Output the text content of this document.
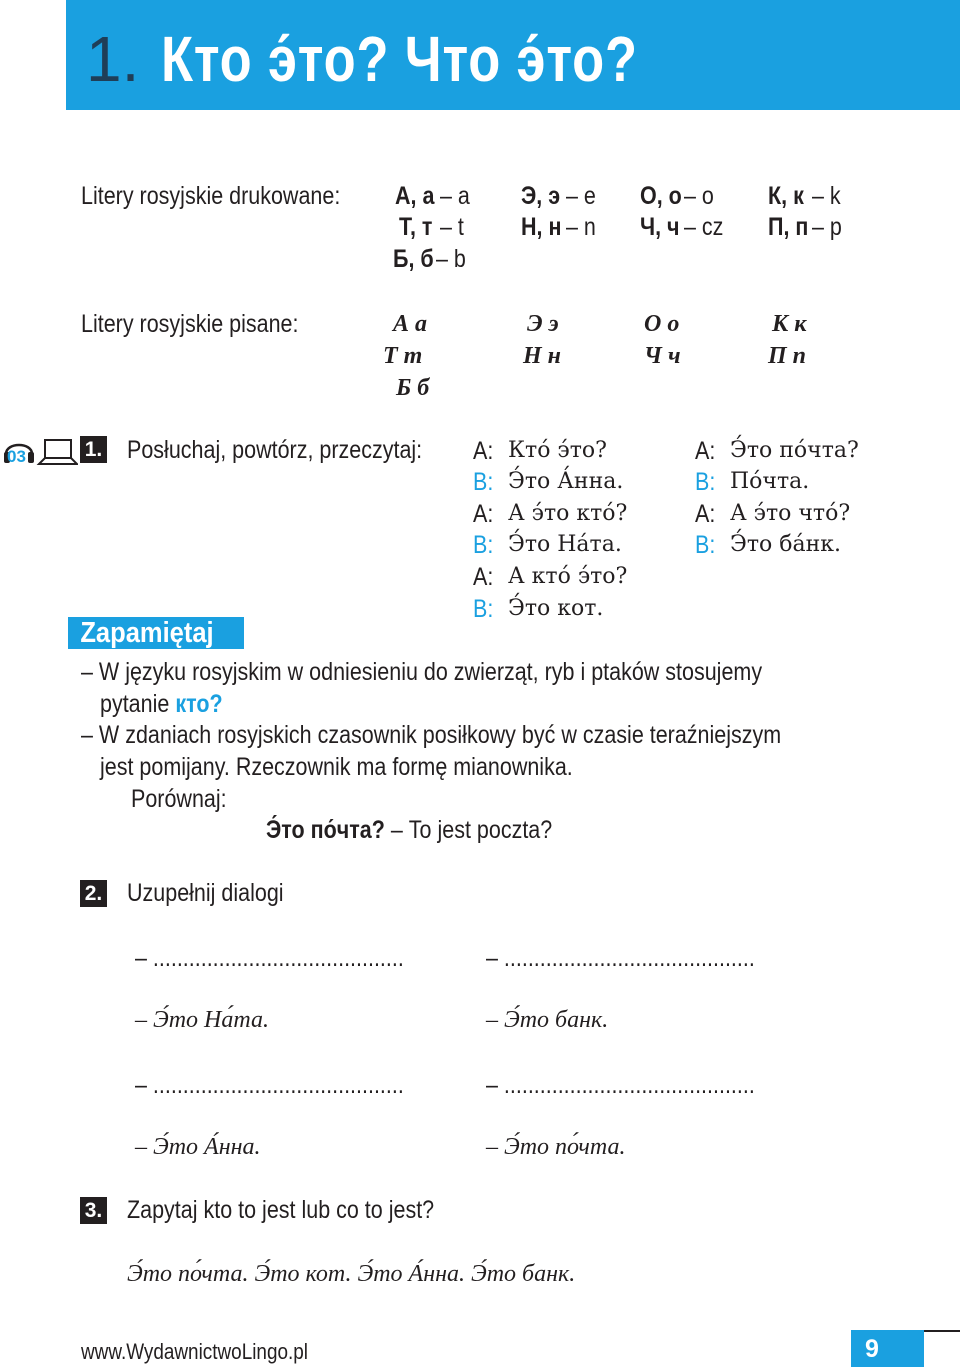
1. Кто э́то? Что э́то?
Litery rosyjskie drukowane: А, а – a Э, э – e О, о – o К, к – k
Т, т – t Н, н – n Ч, ч – cz П, п – p
Б, б – b
Litery rosyjskie pisane:	А а	Э э	О о	К к
Т т	Н н	Ч ч	П п
Б б
03	1. Posłuchaj, powtórz, przeczytaj: A: Кто́ э́то?
B: Э́то А́нна.
A: А э́то кто́?
B: Э́то На́та.
A: А кто́ э́то?
B: Э́то кот.
A: Э́то по́чта?
B: По́чта.
A: А э́то что́?
B: Э́то ба́нк.
Zapamiętaj
– W języku rosyjskim w odniesieniu do zwierząt, ryb i ptaków stosujemy
pytanie кто?
– W zdaniach rosyjskich czasownik posiłkowy być w czasie teraźniejszym
jest pomijany. Rzeczownik ma formę mianownika.
Porównaj:
Э́то по́чта? – To jest poczta?
2. Uzupełnij dialogi
– ..........................................	– ..........................................
– Э́то На́та.	– Э́то банк.
– ..........................................	– ..........................................
– Э́то А́нна.	– Э́то по́чта.
3. Zapytaj kto to jest lub co to jest?
Э́то по́чта. Э́то кот. Э́то А́нна. Э́то банк.
www.WydawnictwoLingo.pl	9
